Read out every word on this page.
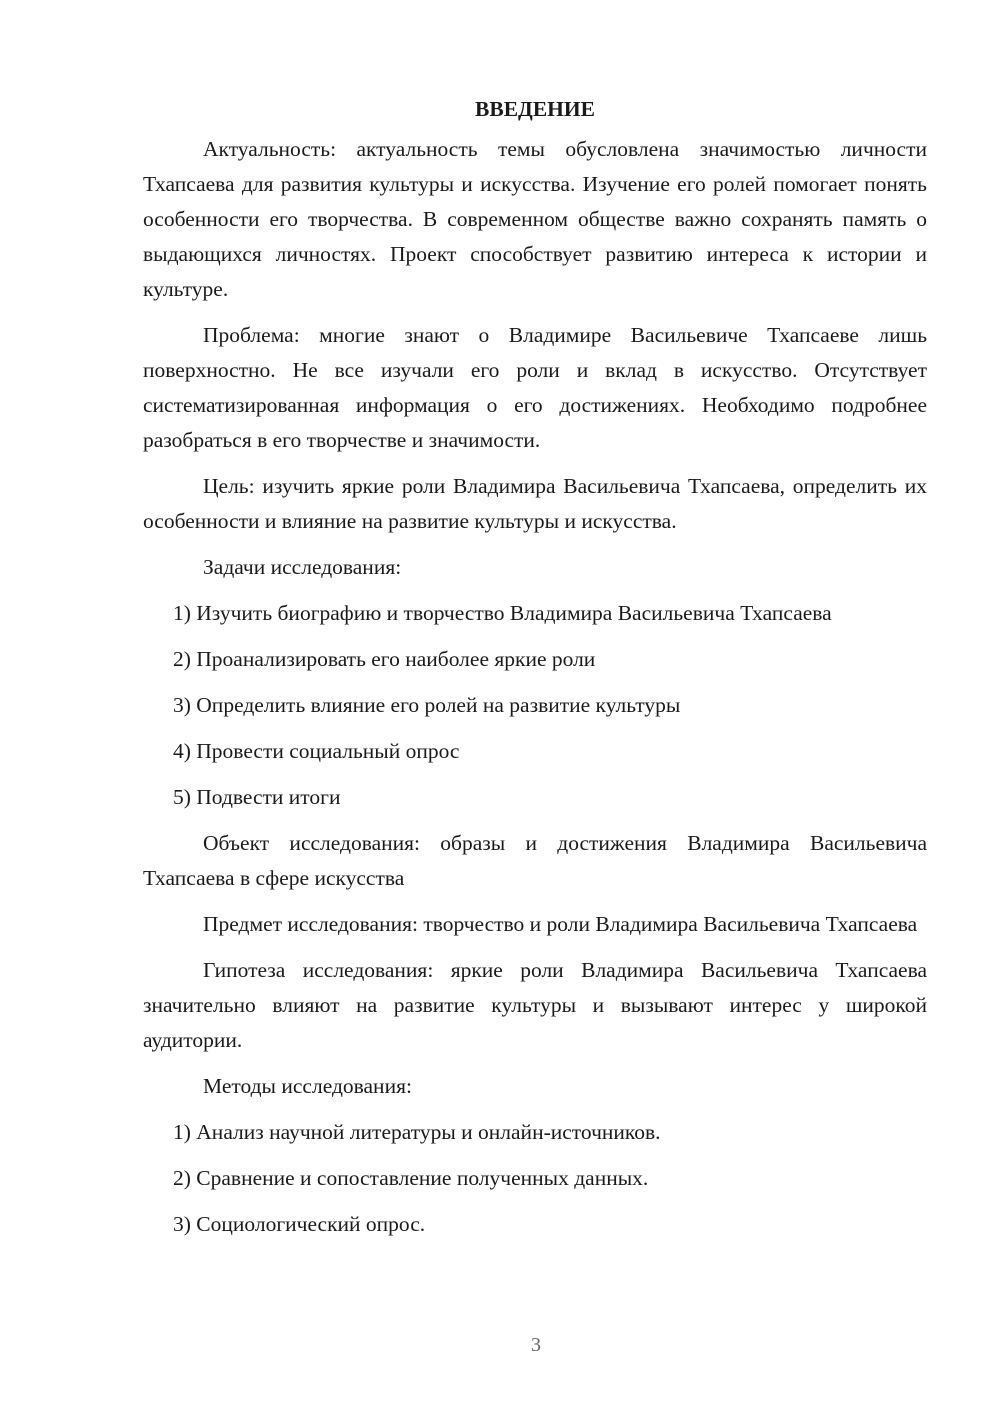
ВВЕДЕНИЕ

Актуальность: актуальность темы обусловлена значимостью личности Тхапсаева для развития культуры и искусства. Изучение его ролей помогает понять особенности его творчества. В современном обществе важно сохранять память о выдающихся личностях. Проект способствует развитию интереса к истории и культуре.

Проблема: многие знают о Владимире Васильевиче Тхапсаеве лишь поверхностно. Не все изучали его роли и вклад в искусство. Отсутствует систематизированная информация о его достижениях. Необходимо подробнее разобраться в его творчестве и значимости.

Цель: изучить яркие роли Владимира Васильевича Тхапсаева, определить их особенности и влияние на развитие культуры и искусства.

Задачи исследования:

1) Изучить биографию и творчество Владимира Васильевича Тхапсаева

2) Проанализировать его наиболее яркие роли

3) Определить влияние его ролей на развитие культуры

4) Провести социальный опрос

5) Подвести итоги

Объект исследования: образы и достижения Владимира Васильевича Тхапсаева в сфере искусства

Предмет исследования: творчество и роли Владимира Васильевича Тхапсаева

Гипотеза исследования: яркие роли Владимира Васильевича Тхапсаева значительно влияют на развитие культуры и вызывают интерес у широкой аудитории.

Методы исследования:

1) Анализ научной литературы и онлайн-источников.

2) Сравнение и сопоставление полученных данных.

3) Социологический опрос.

3
